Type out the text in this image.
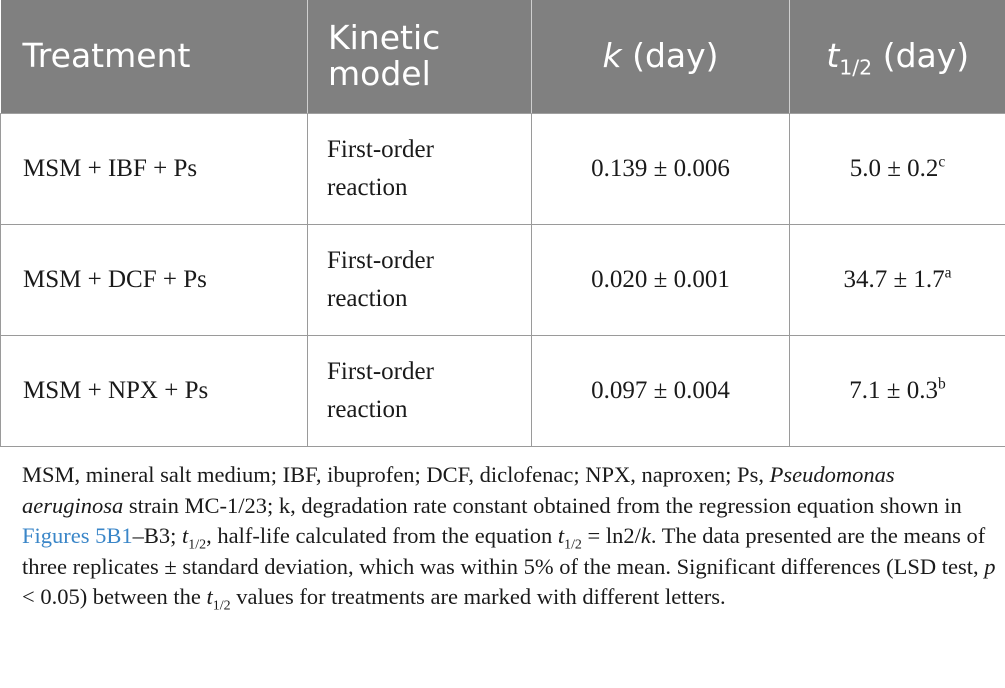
Treatment	Kinetic model	k (day)	$t_{1/2}$ (day)
MSM + IBF + Ps	First-order reaction	0.139 ± 0.006	5.0 ± 0.2$^c$
MSM + DCF + Ps	First-order reaction	0.020 ± 0.001	34.7 ± 1.7$^a$
MSM + NPX + Ps	First-order reaction	0.097 ± 0.004	7.1 ± 0.3$^b$
MSM, mineral salt medium; IBF, ibuprofen; DCF, diclofenac; NPX, naproxen; Ps, Pseudomonas aeruginosa strain MC-1/23; k, degradation rate constant obtained from the regression equation shown in Figures 5B1–B3; $t_{1/2}$, half-life calculated from the equation $t_{1/2} = \ln 2/k$. The data presented are the means of three replicates ± standard deviation, which was within 5% of the mean. Significant differences (LSD test, p < 0.05) between the $t_{1/2}$ values for treatments are marked with different letters.
